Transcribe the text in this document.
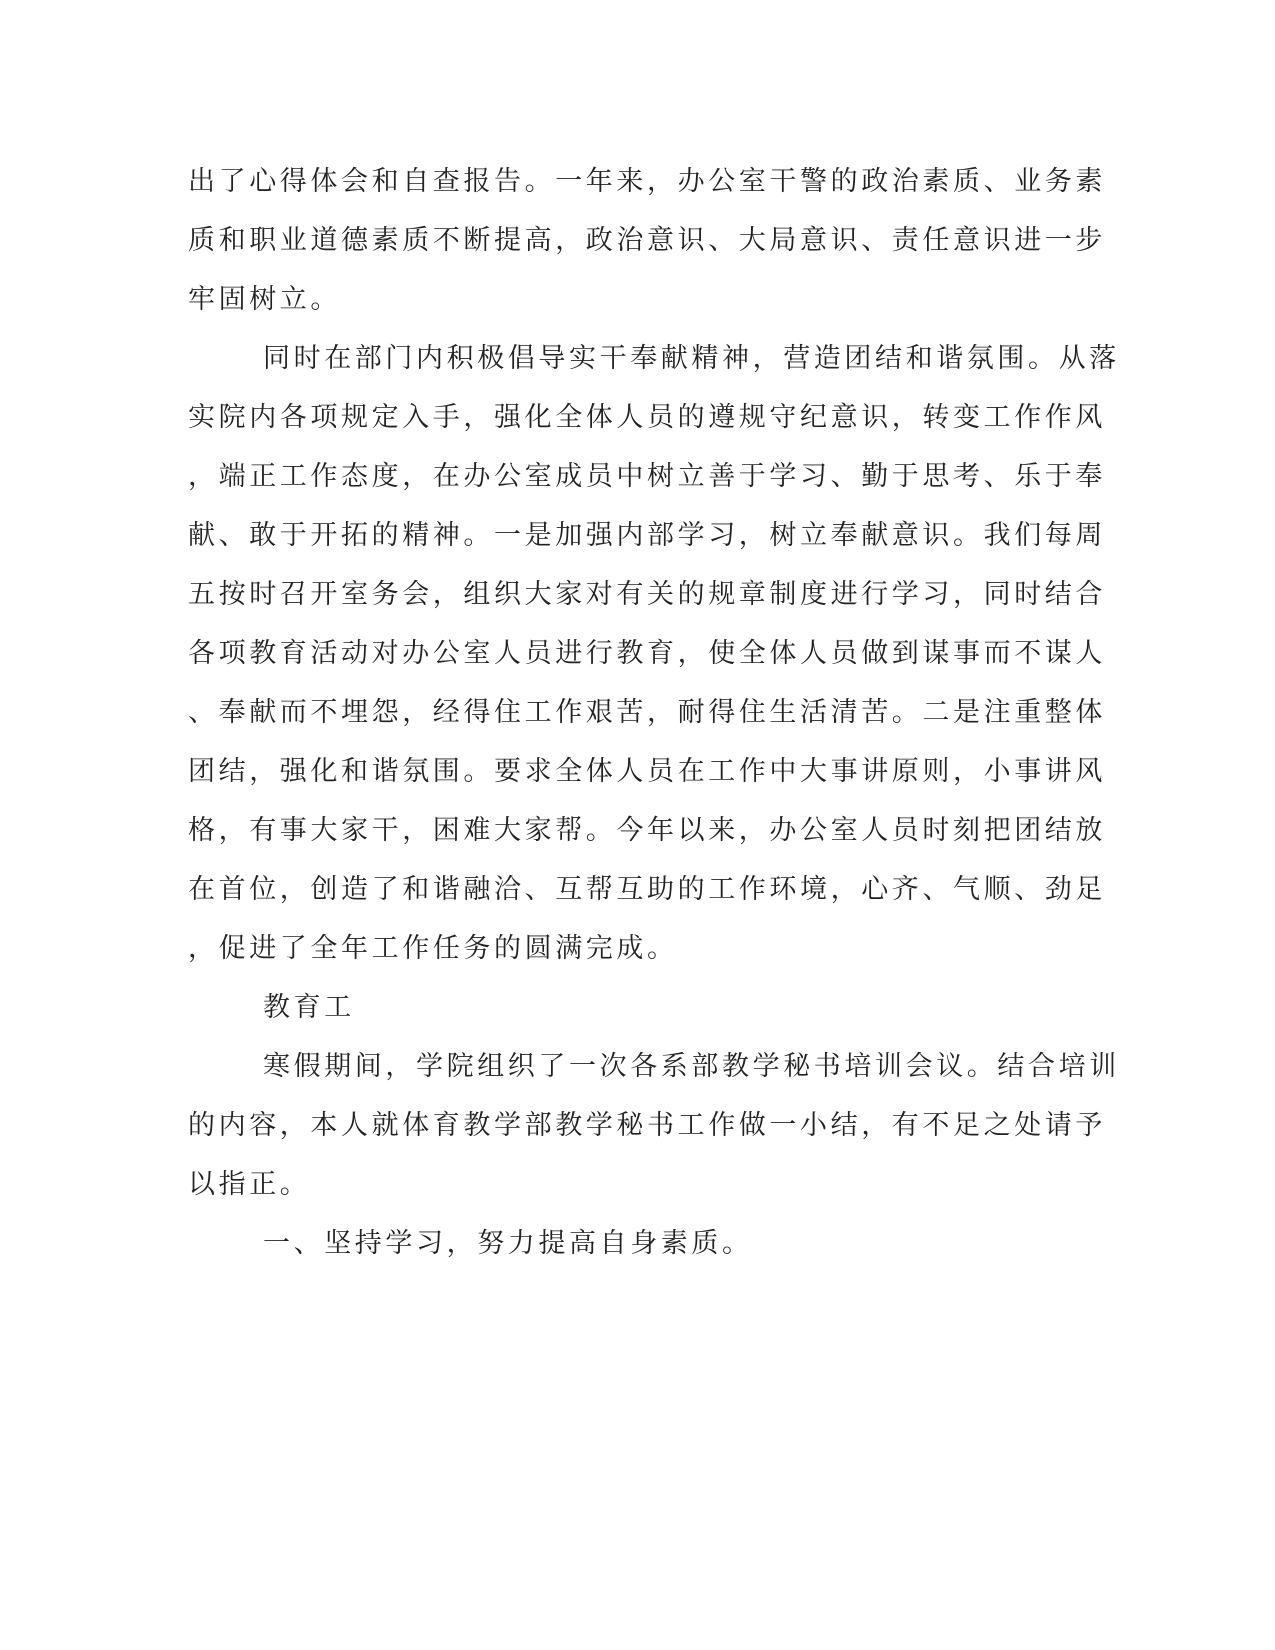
出了心得体会和自查报告。一年来，办公室干警的政治素质、业务素
质和职业道德素质不断提高，政治意识、大局意识、责任意识进一步
牢固树立。
同时在部门内积极倡导实干奉献精神，营造团结和谐氛围。从落
实院内各项规定入手，强化全体人员的遵规守纪意识，转变工作作风
，端正工作态度，在办公室成员中树立善于学习、勤于思考、乐于奉
献、敢于开拓的精神。一是加强内部学习，树立奉献意识。我们每周
五按时召开室务会，组织大家对有关的规章制度进行学习，同时结合
各项教育活动对办公室人员进行教育，使全体人员做到谋事而不谋人
、奉献而不埋怨，经得住工作艰苦，耐得住生活清苦。二是注重整体
团结，强化和谐氛围。要求全体人员在工作中大事讲原则，小事讲风
格，有事大家干，困难大家帮。今年以来，办公室人员时刻把团结放
在首位，创造了和谐融洽、互帮互助的工作环境，心齐、气顺、劲足
，促进了全年工作任务的圆满完成。
教育工
寒假期间，学院组织了一次各系部教学秘书培训会议。结合培训
的内容，本人就体育教学部教学秘书工作做一小结，有不足之处请予
以指正。
一、坚持学习，努力提高自身素质。
